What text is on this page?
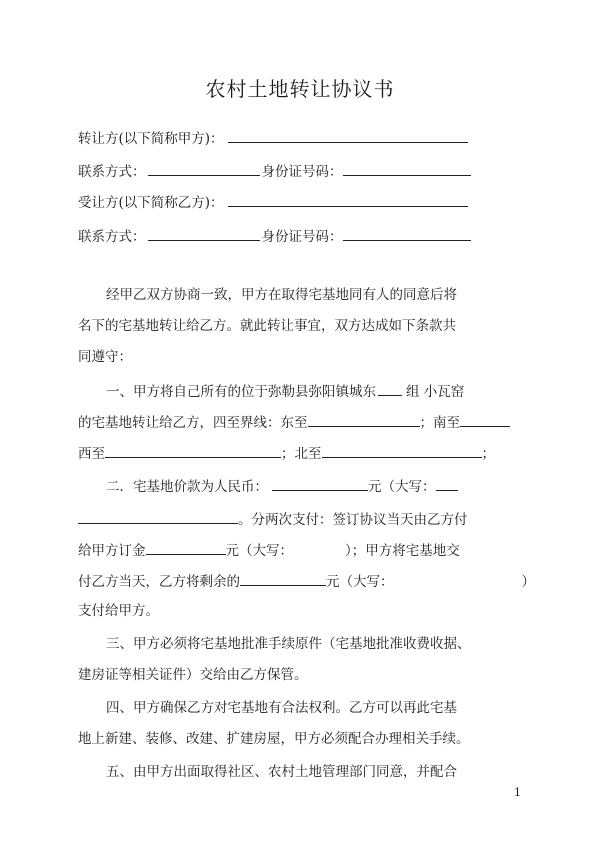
农村土地转让协议书
转让方(以下简称甲方)：
联系方式：	身份证号码：
受让方(以下简称乙方)：
联系方式：	身份证号码：
经甲乙双方协商一致，甲方在取得宅基地同有人的同意后将
名下的宅基地转让给乙方。就此转让事宜，双方达成如下条款共
同遵守：
一、甲方将自己所有的位于弥勒县弥阳镇城东 组 小瓦窑
的宅基地转让给乙方，四至界线：东至	；南至
西至	；北至	；
二．宅基地价款为人民币：	元（大写：
。分两次支付：签订协议当天由乙方付
给甲方订金	元（大写：	）；甲方将宅基地交
付乙方当天，乙方将剩余的	元（大写：	）
支付给甲方。
三、甲方必须将宅基地批准手续原件（宅基地批准收费收据、
建房证等相关证件）交给由乙方保管。
四、甲方确保乙方对宅基地有合法权利。乙方可以再此宅基
地上新建、装修、改建、扩建房屋，甲方必须配合办理相关手续。
五、由甲方出面取得社区、农村土地管理部门同意，并配合
1
